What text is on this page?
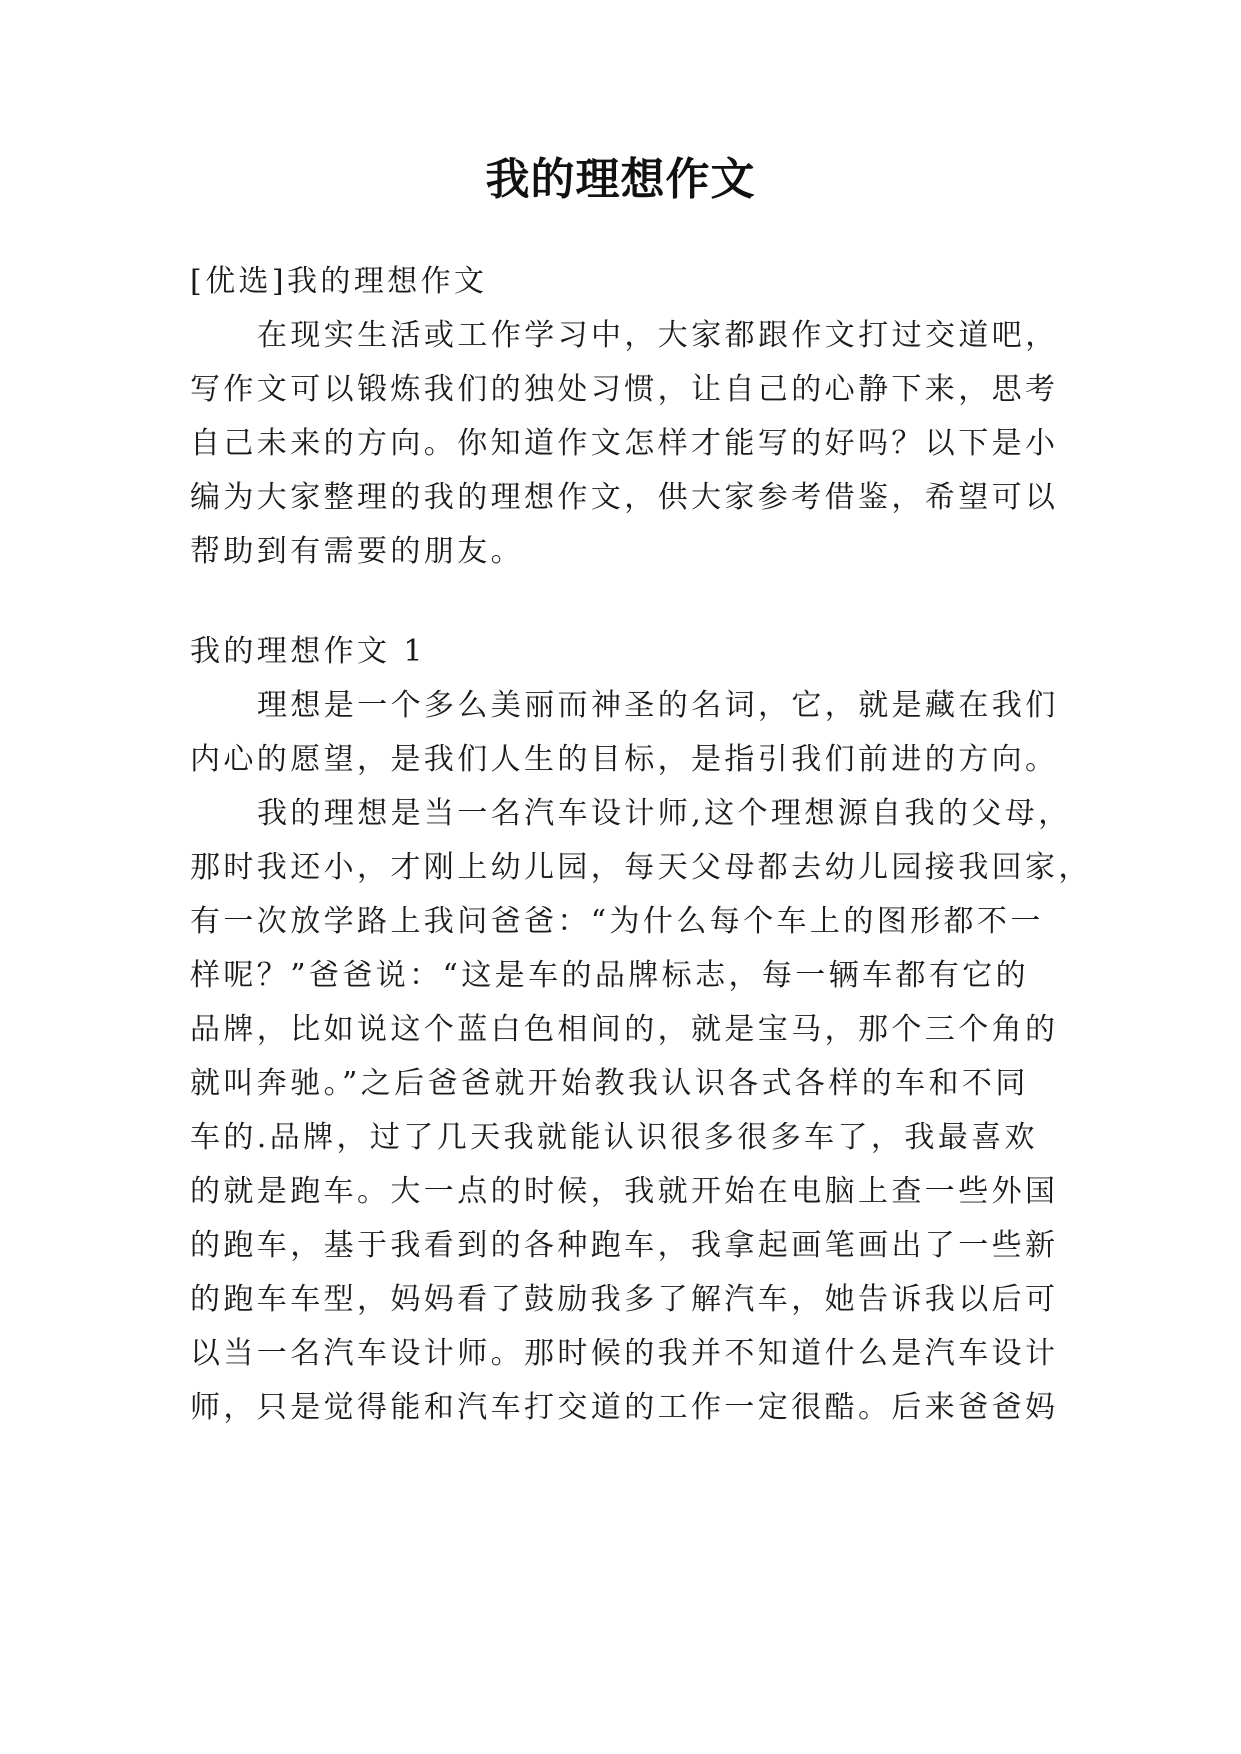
我的理想作文
[优选]我的理想作文
在现实生活或工作学习中，大家都跟作文打过交道吧，
写作文可以锻炼我们的独处习惯，让自己的心静下来，思考
自己未来的方向。你知道作文怎样才能写的好吗？以下是小
编为大家整理的我的理想作文，供大家参考借鉴，希望可以
帮助到有需要的朋友。
我的理想作文 1
理想是一个多么美丽而神圣的名词，它，就是藏在我们
内心的愿望，是我们人生的目标，是指引我们前进的方向。
我的理想是当一名汽车设计师,这个理想源自我的父母，
那时我还小，才刚上幼儿园，每天父母都去幼儿园接我回家，
有一次放学路上我问爸爸：“为什么每个车上的图形都不一
样呢？”爸爸说：“这是车的品牌标志，每一辆车都有它的
品牌，比如说这个蓝白色相间的，就是宝马，那个三个角的
就叫奔驰。”之后爸爸就开始教我认识各式各样的车和不同
车的.品牌，过了几天我就能认识很多很多车了，我最喜欢
的就是跑车。大一点的时候，我就开始在电脑上查一些外国
的跑车，基于我看到的各种跑车，我拿起画笔画出了一些新
的跑车车型，妈妈看了鼓励我多了解汽车，她告诉我以后可
以当一名汽车设计师。那时候的我并不知道什么是汽车设计
师，只是觉得能和汽车打交道的工作一定很酷。后来爸爸妈
